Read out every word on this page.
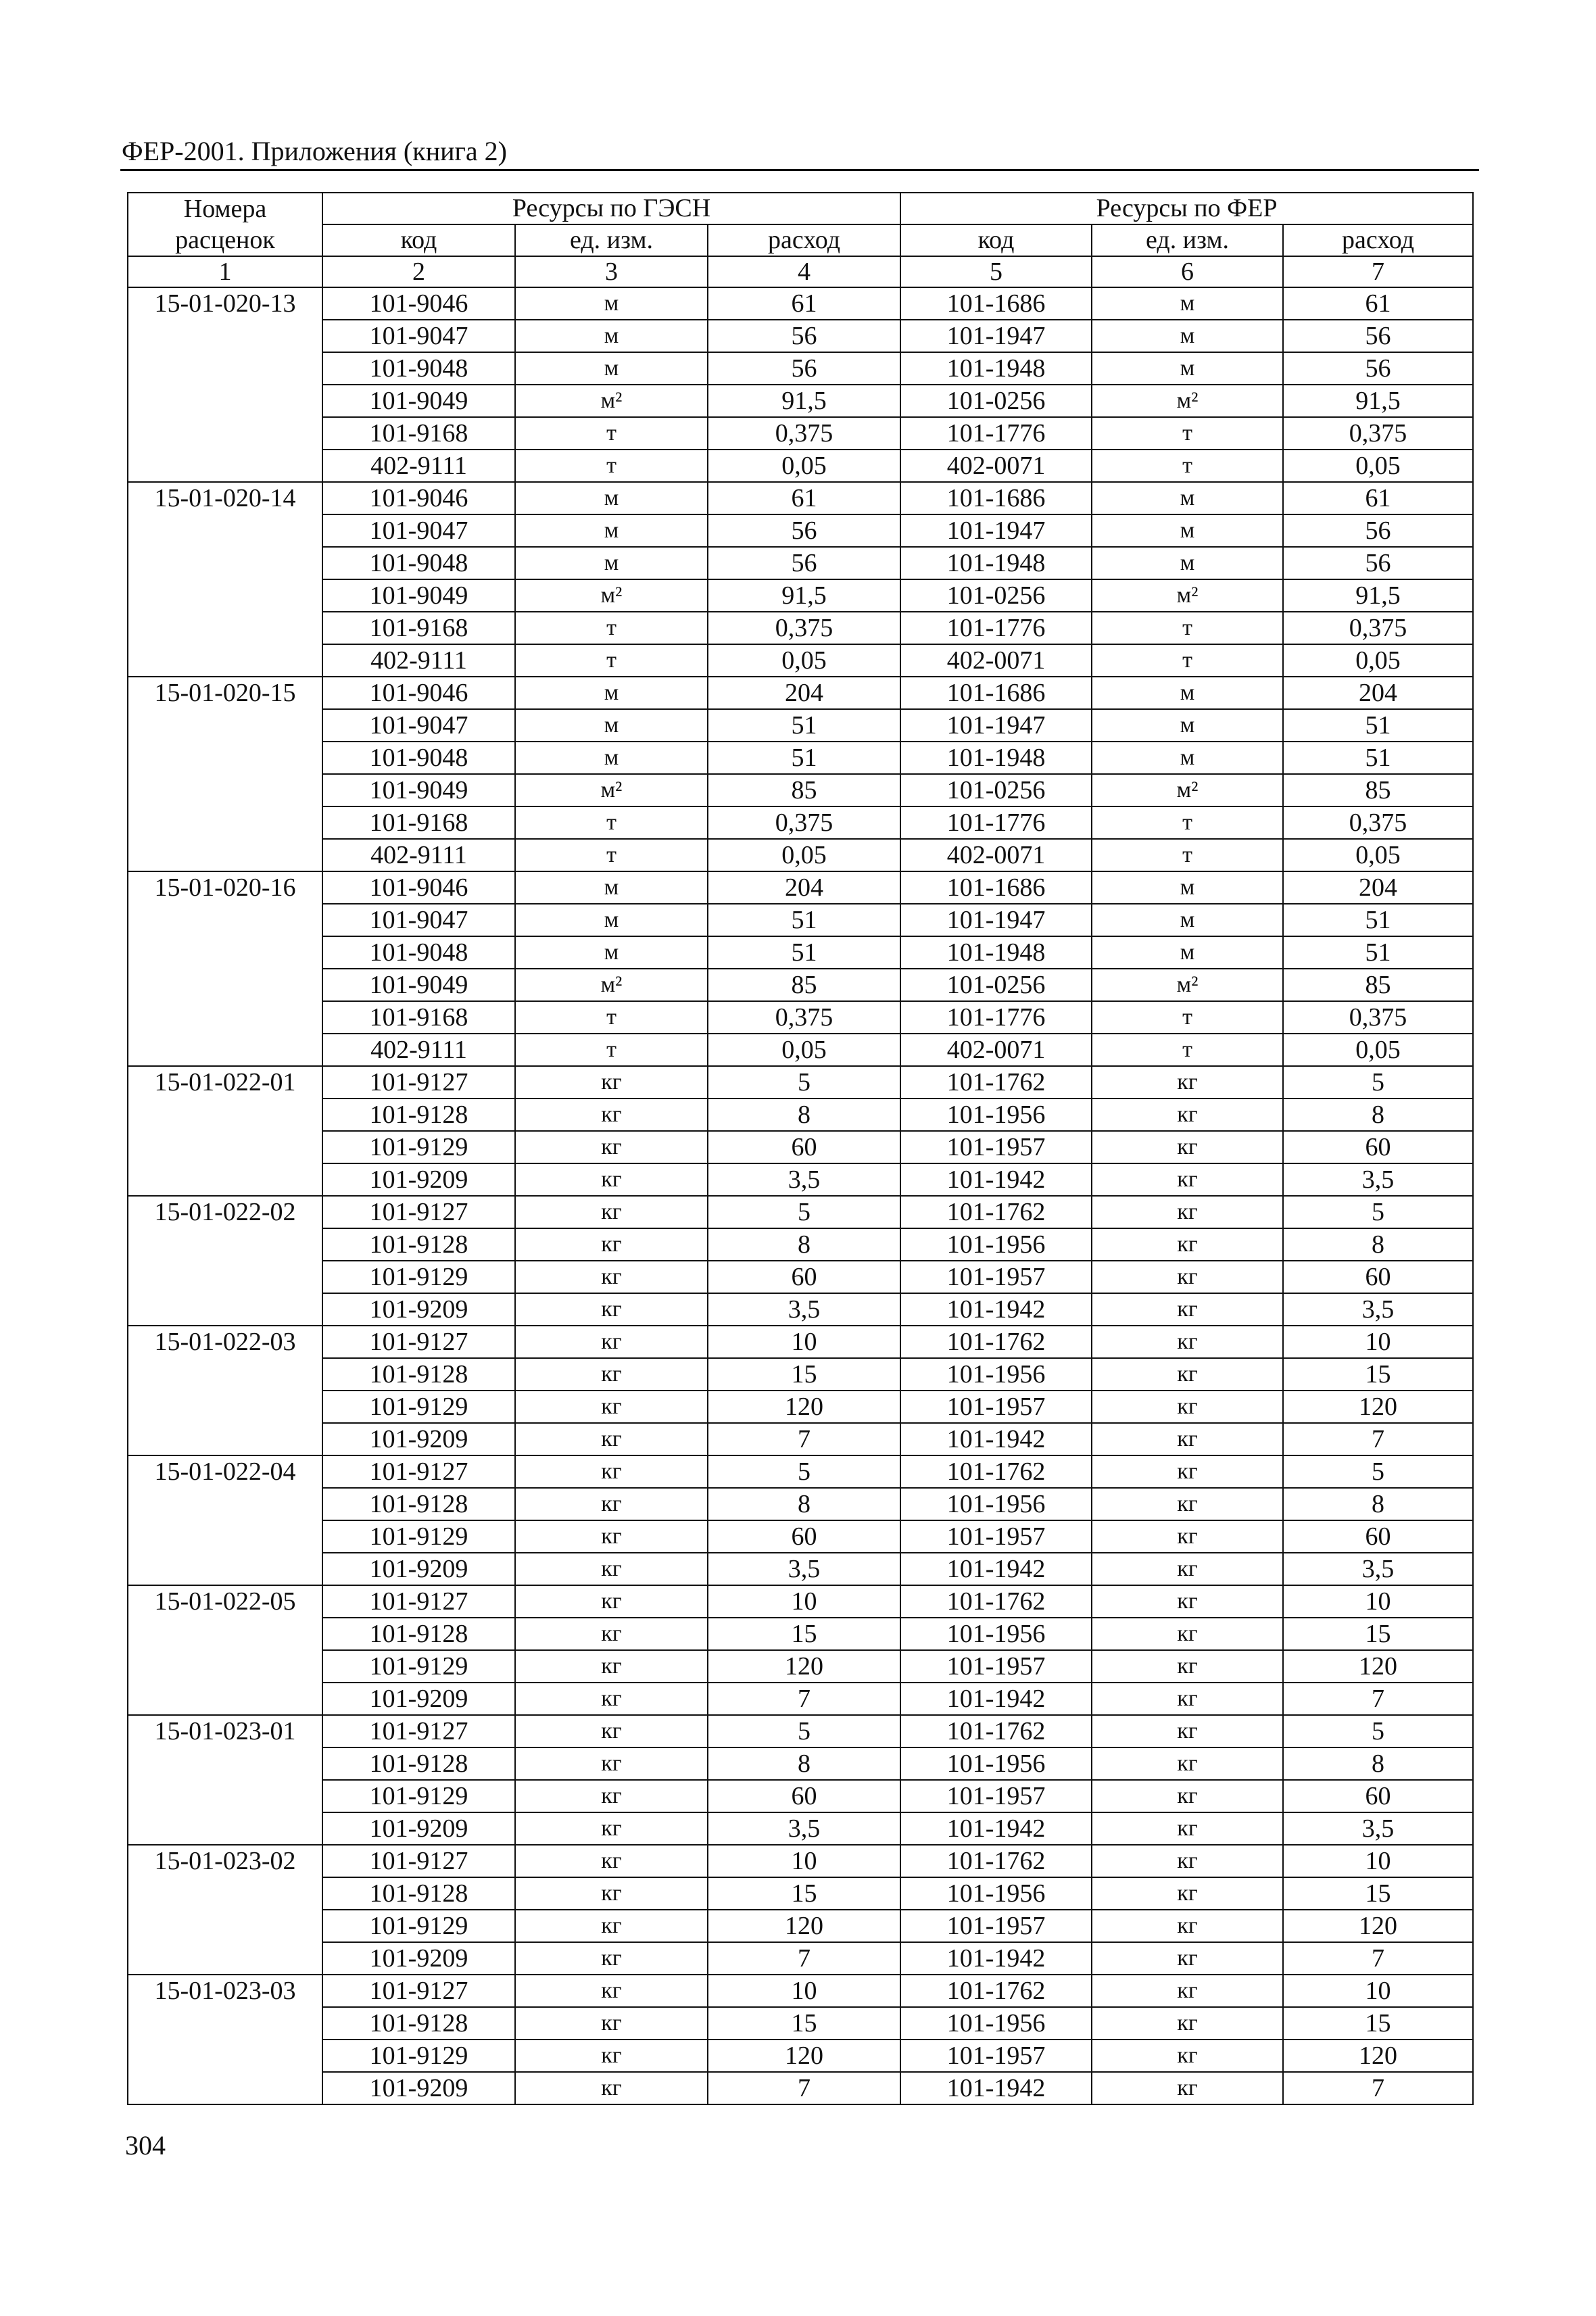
ФЕР-2001. Приложения (книга 2)
Номера расценок	Ресурсы по ГЭСН			Ресурсы по ФЕР		
	код	ед. изм.	расход	код	ед. изм.	расход
1	2	3	4	5	6	7
15-01-020-13	101-9046	м	61	101-1686	м	61
	101-9047	м	56	101-1947	м	56
	101-9048	м	56	101-1948	м	56
	101-9049	м²	91,5	101-0256	м²	91,5
	101-9168	т	0,375	101-1776	т	0,375
	402-9111	т	0,05	402-0071	т	0,05
15-01-020-14	101-9046	м	61	101-1686	м	61
	101-9047	м	56	101-1947	м	56
	101-9048	м	56	101-1948	м	56
	101-9049	м²	91,5	101-0256	м²	91,5
	101-9168	т	0,375	101-1776	т	0,375
	402-9111	т	0,05	402-0071	т	0,05
15-01-020-15	101-9046	м	204	101-1686	м	204
	101-9047	м	51	101-1947	м	51
	101-9048	м	51	101-1948	м	51
	101-9049	м²	85	101-0256	м²	85
	101-9168	т	0,375	101-1776	т	0,375
	402-9111	т	0,05	402-0071	т	0,05
15-01-020-16	101-9046	м	204	101-1686	м	204
	101-9047	м	51	101-1947	м	51
	101-9048	м	51	101-1948	м	51
	101-9049	м²	85	101-0256	м²	85
	101-9168	т	0,375	101-1776	т	0,375
	402-9111	т	0,05	402-0071	т	0,05
15-01-022-01	101-9127	кг	5	101-1762	кг	5
	101-9128	кг	8	101-1956	кг	8
	101-9129	кг	60	101-1957	кг	60
	101-9209	кг	3,5	101-1942	кг	3,5
15-01-022-02	101-9127	кг	5	101-1762	кг	5
	101-9128	кг	8	101-1956	кг	8
	101-9129	кг	60	101-1957	кг	60
	101-9209	кг	3,5	101-1942	кг	3,5
15-01-022-03	101-9127	кг	10	101-1762	кг	10
	101-9128	кг	15	101-1956	кг	15
	101-9129	кг	120	101-1957	кг	120
	101-9209	кг	7	101-1942	кг	7
15-01-022-04	101-9127	кг	5	101-1762	кг	5
	101-9128	кг	8	101-1956	кг	8
	101-9129	кг	60	101-1957	кг	60
	101-9209	кг	3,5	101-1942	кг	3,5
15-01-022-05	101-9127	кг	10	101-1762	кг	10
	101-9128	кг	15	101-1956	кг	15
	101-9129	кг	120	101-1957	кг	120
	101-9209	кг	7	101-1942	кг	7
15-01-023-01	101-9127	кг	5	101-1762	кг	5
	101-9128	кг	8	101-1956	кг	8
	101-9129	кг	60	101-1957	кг	60
	101-9209	кг	3,5	101-1942	кг	3,5
15-01-023-02	101-9127	кг	10	101-1762	кг	10
	101-9128	кг	15	101-1956	кг	15
	101-9129	кг	120	101-1957	кг	120
	101-9209	кг	7	101-1942	кг	7
15-01-023-03	101-9127	кг	10	101-1762	кг	10
	101-9128	кг	15	101-1956	кг	15
	101-9129	кг	120	101-1957	кг	120
	101-9209	кг	7	101-1942	кг	7
304
